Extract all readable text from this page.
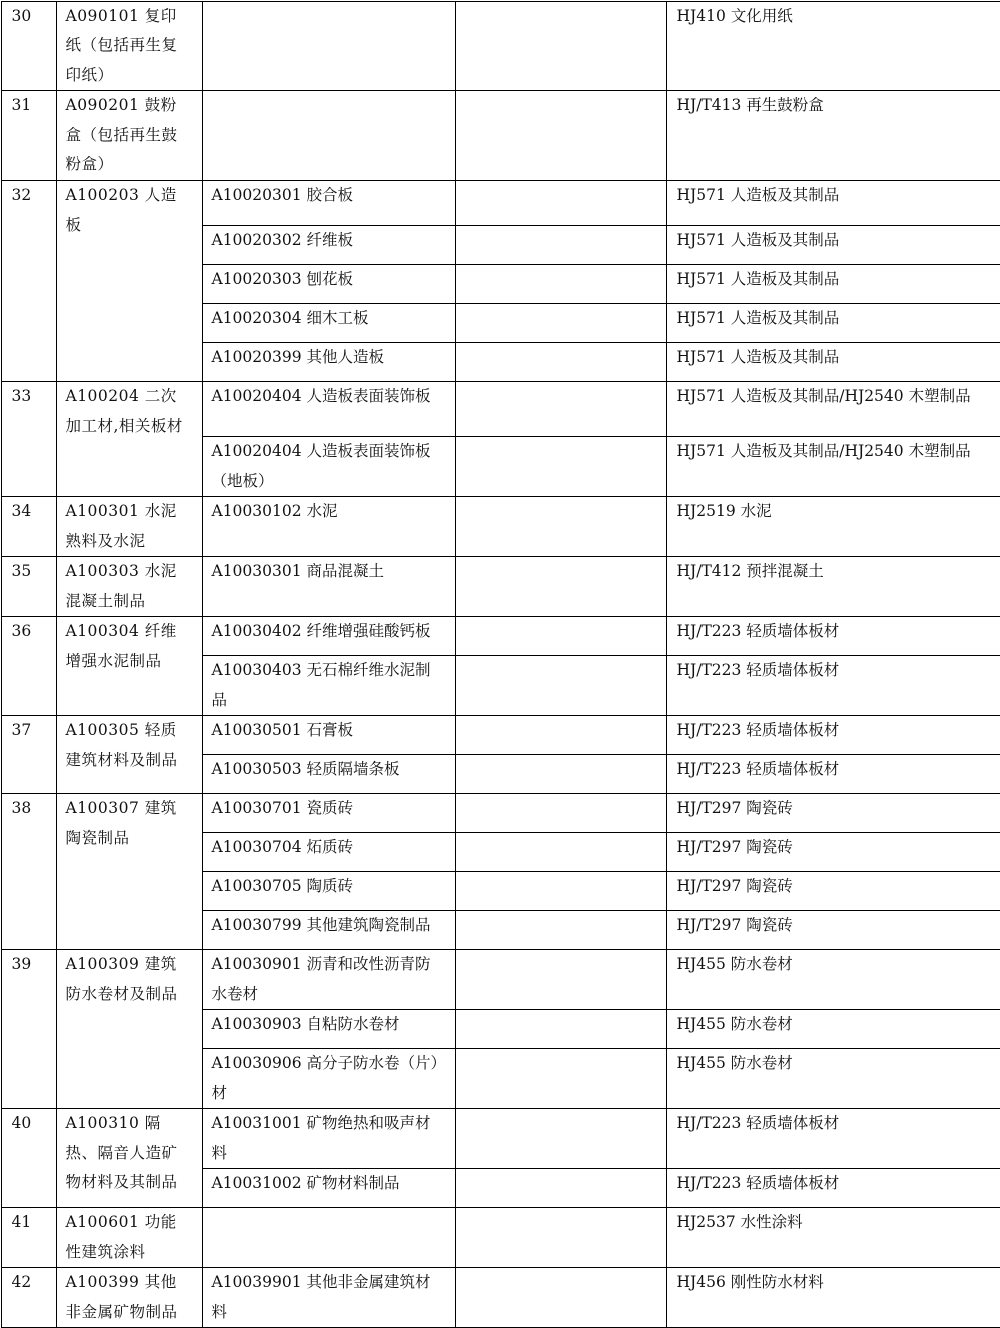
30	A090101 复印纸（包括再生复印纸）			HJ410 文化用纸
31	A090201 鼓粉盒（包括再生鼓粉盒）			HJ/T413 再生鼓粉盒
32	A100203 人造板	A10020301 胶合板		HJ571 人造板及其制品
		A10020302 纤维板		HJ571 人造板及其制品
		A10020303 刨花板		HJ571 人造板及其制品
		A10020304 细木工板		HJ571 人造板及其制品
		A10020399 其他人造板		HJ571 人造板及其制品
33	A100204 二次加工材,相关板材	A10020404 人造板表面装饰板		HJ571 人造板及其制品/HJ2540 木塑制品
		A10020404 人造板表面装饰板（地板）		HJ571 人造板及其制品/HJ2540 木塑制品
34	A100301 水泥熟料及水泥	A10030102 水泥		HJ2519 水泥
35	A100303 水泥混凝土制品	A10030301 商品混凝土		HJ/T412 预拌混凝土
36	A100304 纤维增强水泥制品	A10030402 纤维增强硅酸钙板		HJ/T223 轻质墙体板材
		A10030403 无石棉纤维水泥制品		HJ/T223 轻质墙体板材
37	A100305 轻质建筑材料及制品	A10030501 石膏板		HJ/T223 轻质墙体板材
		A10030503 轻质隔墙条板		HJ/T223 轻质墙体板材
38	A100307 建筑陶瓷制品	A10030701 瓷质砖		HJ/T297 陶瓷砖
		A10030704 炻质砖		HJ/T297 陶瓷砖
		A10030705 陶质砖		HJ/T297 陶瓷砖
		A10030799 其他建筑陶瓷制品		HJ/T297 陶瓷砖
39	A100309 建筑防水卷材及制品	A10030901 沥青和改性沥青防水卷材		HJ455 防水卷材
		A10030903 自粘防水卷材		HJ455 防水卷材
		A10030906 高分子防水卷（片）材		HJ455 防水卷材
40	A100310 隔热、隔音人造矿物材料及其制品	A10031001 矿物绝热和吸声材料		HJ/T223 轻质墙体板材
		A10031002 矿物材料制品		HJ/T223 轻质墙体板材
41	A100601 功能性建筑涂料			HJ2537 水性涂料
42	A100399 其他非金属矿物制品	A10039901 其他非金属建筑材料		HJ456 刚性防水材料
